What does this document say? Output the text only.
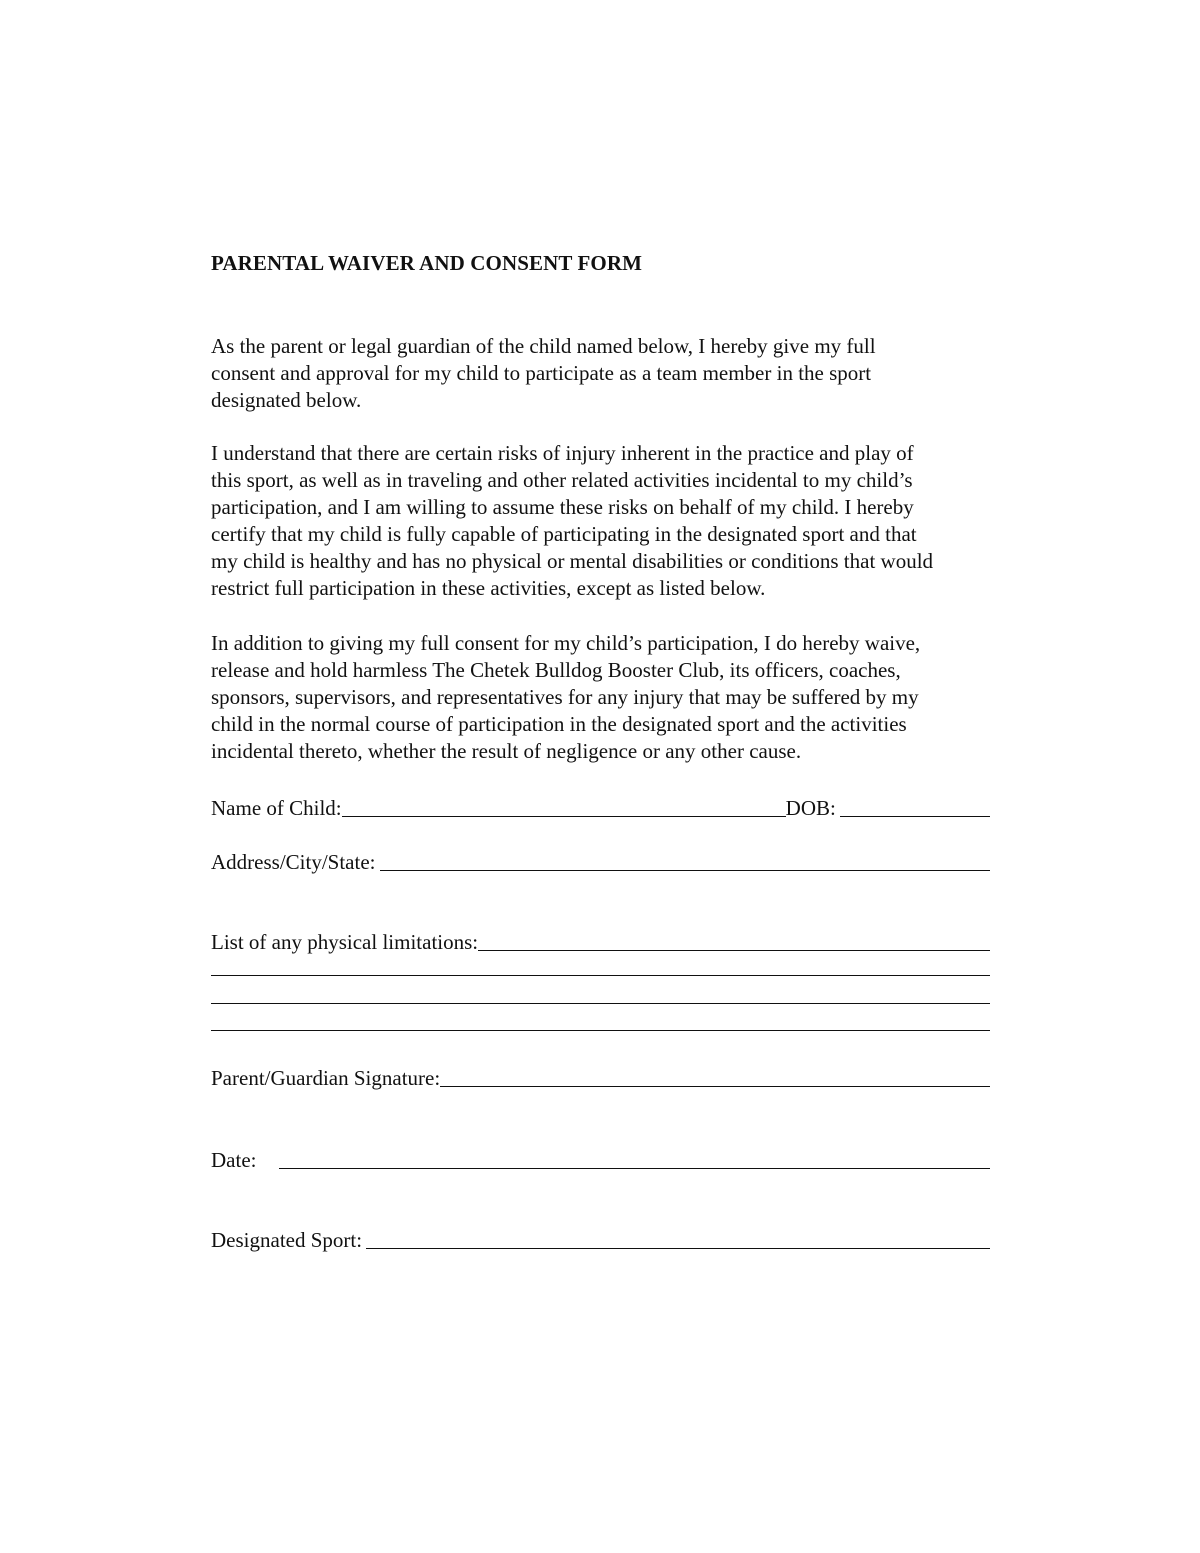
PARENTAL WAIVER AND CONSENT FORM
As the parent or legal guardian of the child named below, I hereby give my full
consent and approval for my child to participate as a team member in the sport
designated below.
I understand that there are certain risks of injury inherent in the practice and play of
this sport, as well as in traveling and other related activities incidental to my child’s
participation, and I am willing to assume these risks on behalf of my child. I hereby
certify that my child is fully capable of participating in the designated sport and that
my child is healthy and has no physical or mental disabilities or conditions that would
restrict full participation in these activities, except as listed below.
In addition to giving my full consent for my child’s participation, I do hereby waive,
release and hold harmless The Chetek Bulldog Booster Club, its officers, coaches,
sponsors, supervisors, and representatives for any injury that may be suffered by my
child in the normal course of participation in the designated sport and the activities
incidental thereto, whether the result of negligence or any other cause.
Name of Child:	DOB:
Address/City/State:
List of any physical limitations:
Parent/Guardian Signature:
Date:
Designated Sport:
